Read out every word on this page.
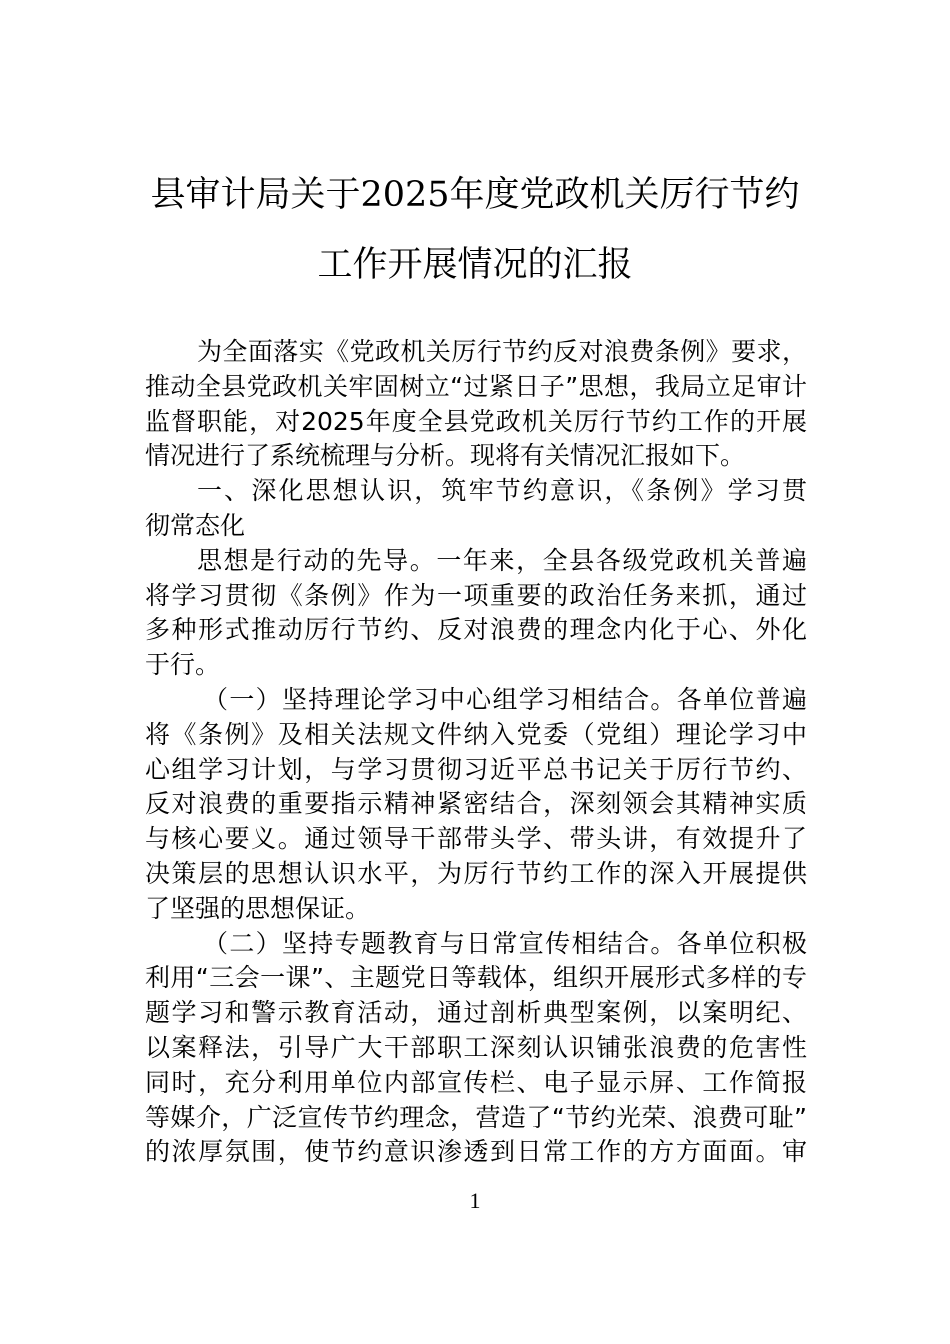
县审计局关于2025年度党政机关厉行节约
工作开展情况的汇报
为全面落实《党政机关厉行节约反对浪费条例》要求，
推动全县党政机关牢固树立“过紧日子”思想，我局立足审计
监督职能，对2025年度全县党政机关厉行节约工作的开展
情况进行了系统梳理与分析。现将有关情况汇报如下。
一、深化思想认识，筑牢节约意识，《条例》学习贯
彻常态化
思想是行动的先导。一年来，全县各级党政机关普遍
将学习贯彻《条例》作为一项重要的政治任务来抓，通过
多种形式推动厉行节约、反对浪费的理念内化于心、外化
于行。
（一）坚持理论学习中心组学习相结合。各单位普遍
将《条例》及相关法规文件纳入党委（党组）理论学习中
心组学习计划，与学习贯彻习近平总书记关于厉行节约、
反对浪费的重要指示精神紧密结合，深刻领会其精神实质
与核心要义。通过领导干部带头学、带头讲，有效提升了
决策层的思想认识水平，为厉行节约工作的深入开展提供
了坚强的思想保证。
（二）坚持专题教育与日常宣传相结合。各单位积极
利用“三会一课”、主题党日等载体，组织开展形式多样的专
题学习和警示教育活动，通过剖析典型案例，以案明纪、
以案释法，引导广大干部职工深刻认识铺张浪费的危害性
同时，充分利用单位内部宣传栏、电子显示屏、工作简报
等媒介，广泛宣传节约理念，营造了“节约光荣、浪费可耻”
的浓厚氛围，使节约意识渗透到日常工作的方方面面。审
1
